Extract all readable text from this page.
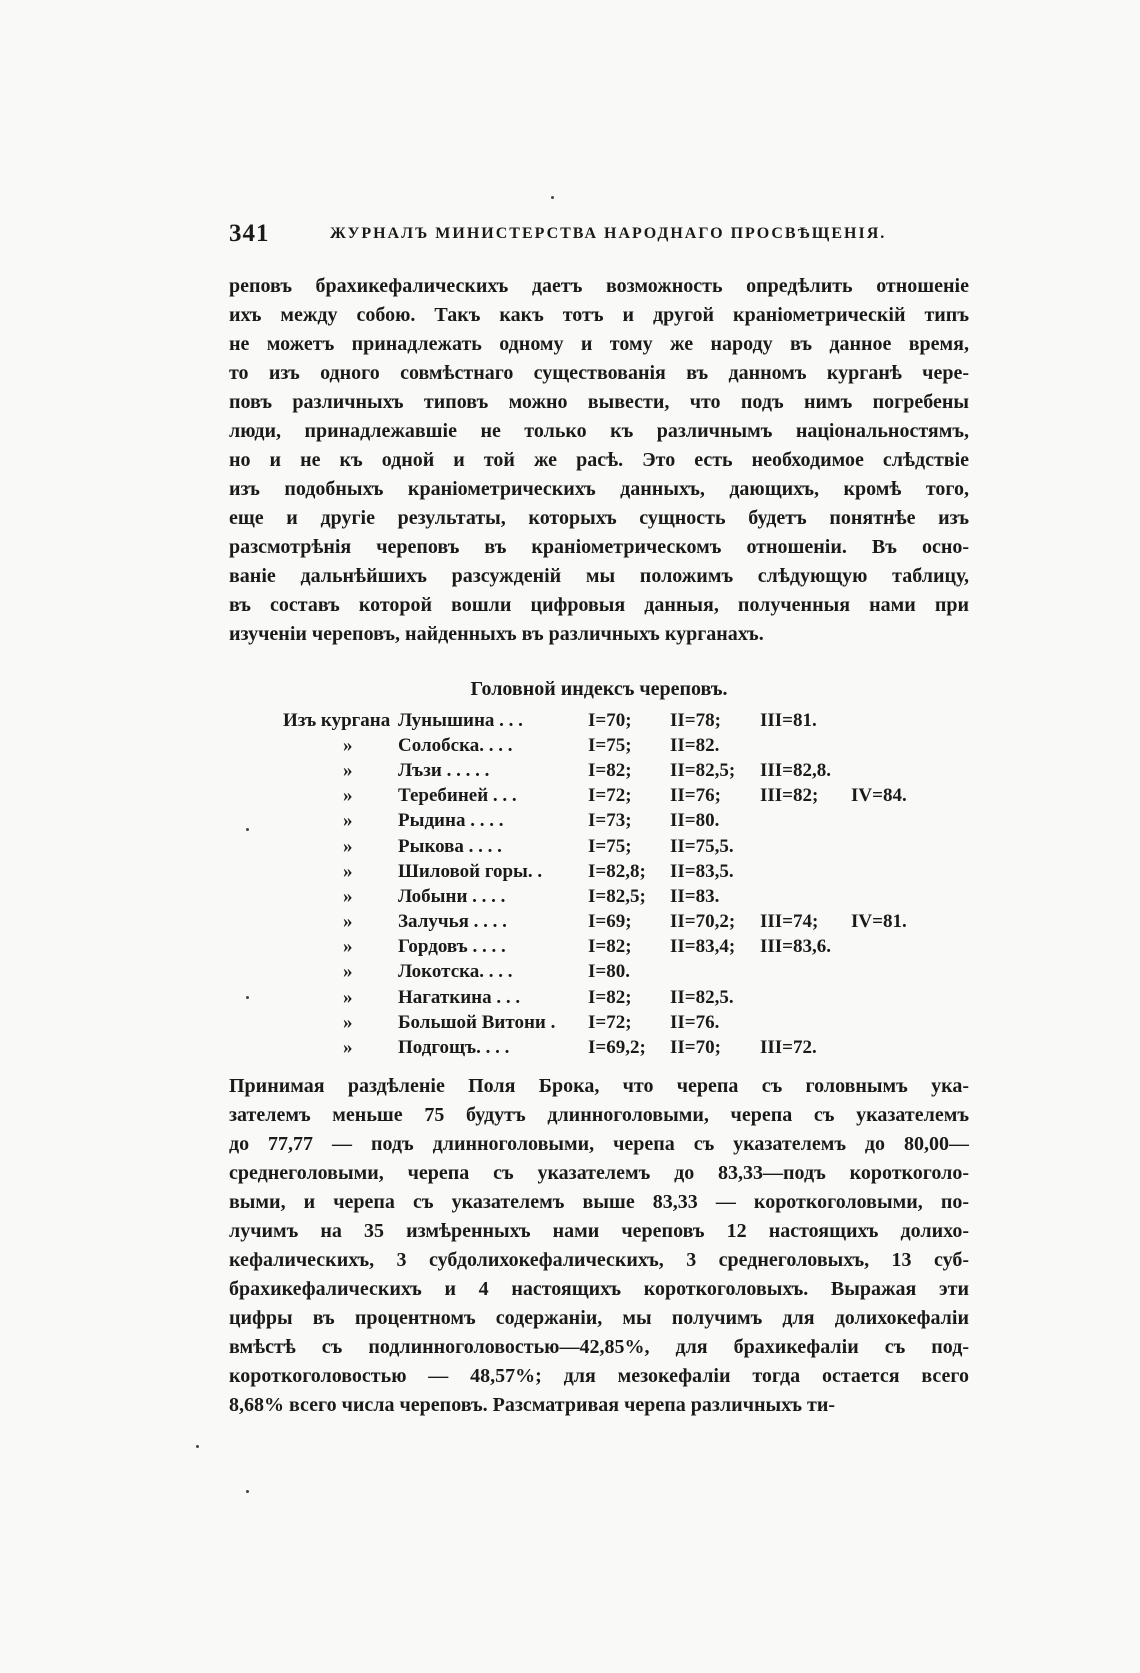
341	ЖУРНАЛЪ МИНИСТЕРСТВА НАРОДНАГО ПРОСВѢЩЕНІЯ.
реповъ брахикефалическихъ даетъ возможность опредѣлить отношеніе
ихъ между собою. Такъ какъ тотъ и другой краніометрическій типъ
не можетъ принадлежать одному и тому же народу въ данное время,
то изъ одного совмѣстнаго существованія въ данномъ курганѣ чере-
повъ различныхъ типовъ можно вывести, что подъ нимъ погребены
люди, принадлежавшіе не только къ различнымъ національностямъ,
но и не къ одной и той же расѣ. Это есть необходимое слѣдствіе
изъ подобныхъ краніометрическихъ данныхъ, дающихъ, кромѣ того,
еще и другіе результаты, которыхъ сущность будетъ понятнѣе изъ
разсмотрѣнія череповъ въ краніометрическомъ отношеніи. Въ осно-
ваніе дальнѣйшихъ разсужденій мы положимъ слѣдующую таблицу,
въ составъ которой вошли цифровыя данныя, полученныя нами при
изученіи череповъ, найденныхъ въ различныхъ курганахъ.
Головной индексъ череповъ.
Изъ кургана	Лунышина . . .	I=70;	II=78;	III=81.	
»	Солобска. . . .	I=75;	II=82.		
»	Лъзи . . . . .	I=82;	II=82,5;	III=82,8.	
»	Теребиней . . .	I=72;	II=76;	III=82;	IV=84.
»	Рыдина . . . .	I=73;	II=80.		
»	Рыкова . . . .	I=75;	II=75,5.		
»	Шиловой горы. .	I=82,8;	II=83,5.		
»	Лобыни . . . .	I=82,5;	II=83.		
»	Залучья . . . .	I=69;	II=70,2;	III=74;	IV=81.
»	Гордовъ . . . .	I=82;	II=83,4;	III=83,6.	
»	Локотска. . . .	I=80.			
»	Нагаткина . . .	I=82;	II=82,5.		
»	Большой Витони .	I=72;	II=76.		
»	Подгощъ. . . .	I=69,2;	II=70;	III=72.	
Принимая раздѣленіе Поля Брока, что черепа съ головнымъ ука-
зателемъ меньше 75 будутъ длинноголовыми, черепа съ указателемъ
до 77,77 — подъ длинноголовыми, черепа съ указателемъ до 80,00—
среднеголовыми, черепа съ указателемъ до 83,33—подъ короткоголо-
выми, и черепа съ указателемъ выше 83,33 — короткоголовыми, по-
лучимъ на 35 измѣренныхъ нами череповъ 12 настоящихъ долихо-
кефалическихъ, 3 субдолихокефалическихъ, 3 среднеголовыхъ, 13 суб-
брахикефалическихъ и 4 настоящихъ короткоголовыхъ. Выражая эти
цифры въ процентномъ содержаніи, мы получимъ для долихокефаліи
вмѣстѣ съ подлинноголовостью—42,85%, для брахикефаліи съ под-
короткоголовостью — 48,57%; для мезокефаліи тогда остается всего
8,68% всего числа череповъ. Разсматривая черепа различныхъ ти-
